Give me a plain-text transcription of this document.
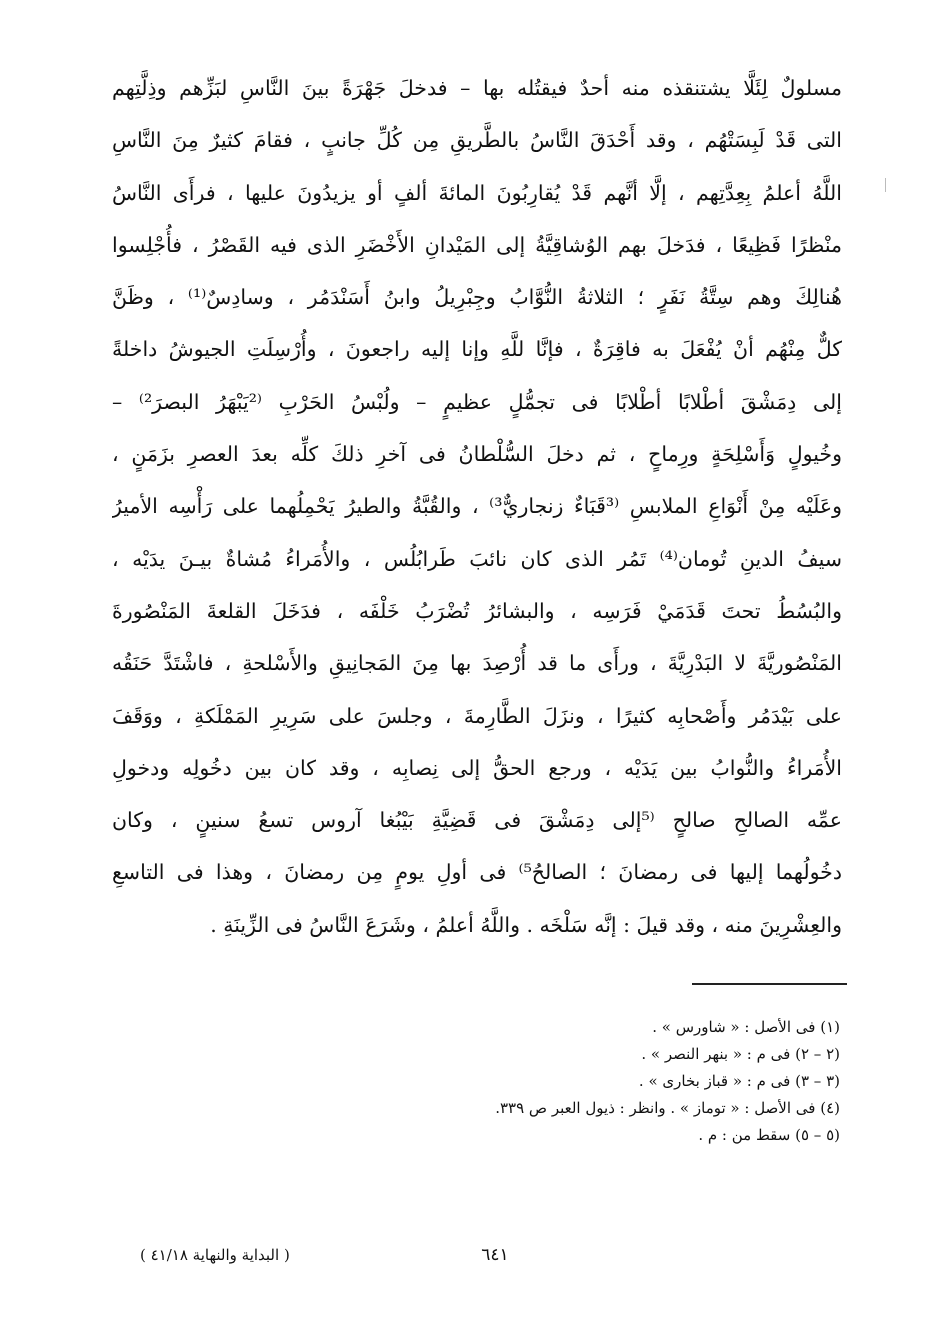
مسلولٌ لِئَلَّا يشتنقذه منه أحدٌ فيقتُله بها – فدخلَ جَهْرَةً بينَ النَّاسِ لبَزِّهم وذِلَّتِهم
التى قَدْ لَبِسَتْهُم ، وقد أَحْدَقَ النَّاسُ بالطَّريقِ مِن كُلِّ جانبٍ ، فقامَ كثيرٌ مِنَ النَّاسِ
اللَّهُ أعلمُ بِعِدَّتِهم ، إلَّا أنَّهم قَدْ يُقارِبُونَ المائةَ ألفٍ أو يزيدُونَ عليها ، فرأَى النَّاسُ
منْظرًا فَظِيعًا ، فدَخلَ بهم الوُشاقِيَّةُ إلى المَيْدانِ الأَخْضَرِ الذى فيه القَصْرُ ، فأُجْلِسوا
هُنالِكَ وهم سِتَّةُ نَفَرٍ ؛ الثلاثةُ النُّوَّابُ وجِبْرِيلُ وابنُ أَسَنْدَمُر ، وسادِسٌ⁽¹⁾ ، وظَنَّ
كلٌّ مِنْهُم أنْ يُفْعَلَ به فاقِرَةٌ ، فإنَّا للَّهِ وإنا إليه راجعونَ ، وأُرْسِلَتِ الجيوشُ داخلةً
إلى دِمَشْقَ أطْلابًا أطْلابًا فى تجمُّلٍ عظيمٍ – ولُبْسُ الحَرْبِ ⁽²يَبْهَرُ البصرَ²⁾ –
وخُيولٍ وَأَسْلِحَةٍ ورِماحٍ ، ثم دخلَ السُّلْطانُ فى آخرِ ذلكَ كلِّه بعدَ العصرِ بزَمَنٍ ،
وعَلَيْه مِنْ أَنْوَاعِ الملابسِ ⁽³قَبَاءٌ زنجاريٌّ³⁾ ، والقُبَّةُ والطيرُ يَحْمِلُهما على رَأْسِه الأميرُ
سيفُ الدينِ تُومان⁽⁴⁾ تَمُر الذى كان نائبَ طَرابُلُس ، والأُمَراءُ مُشاةٌ بيـنَ يدَيْه ،
والبُسُطُ تحتَ قَدَمَيْ فَرَسِه ، والبشائرُ تُضْرَبُ خَلْفَه ، فدَخَلَ القلعةَ المَنْصُورةَ
المَنْصُوريَّةَ لا البَدْرِيَّةَ ، ورأَى ما قد أُرْصِدَ بها مِنَ المَجانِيقِ والأَسْلحةِ ، فاشْتَدَّ حَنَقُه
على بَيْدَمُر وأَصْحابِه كثيرًا ، ونزَلَ الطَّارِمةَ ، وجلسَ على سَرِيرِ المَمْلَكةِ ، ووَقَفَ
الأُمَراءُ والنُّوابُ بين يَدَيْه ، ورجع الحقُّ إلى نِصابِه ، وقد كان بين دخُولِه ودخولِ
عمِّه الصالحِ صالحٍ ⁽⁵إلى دِمَشْقَ فى قَضِيَّةِ بَيْبُغا آروس تسعُ سنينٍ ، وكان
دخُولُهما إليها فى رمضانَ ؛ الصالحُ⁵⁾ فى أولِ يومٍ مِن رمضانَ ، وهذا فى التاسعِ
والعِشْرِينَ منه ، وقد قيلَ : إنَّه سَلْخَه . واللَّهُ أعلمُ ، وشَرَعَ النَّاسُ فى الزِّينَةِ .
(١) فى الأصل : « شاورس » .
(٢ – ٢) فى م : « بنهر النصر » .
(٣ – ٣) فى م : « قباز بخارى » .
(٤) فى الأصل : « توماز » . وانظر : ذيول العبر ص ٣٣٩.
(٥ – ٥) سقط من : م .
٦٤١
( البداية والنهاية ٤١/١٨ )
